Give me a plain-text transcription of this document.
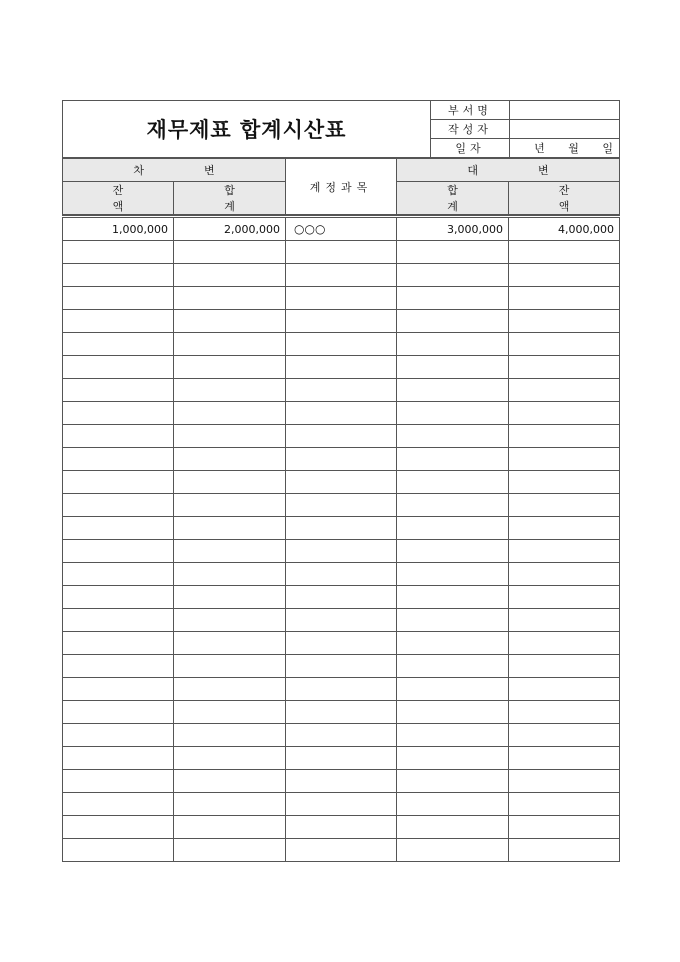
재무제표 합계시산표	부서명	
	작성자	
	일자	년 월 일
차변		계정과목	대변	
잔액	합계		합계	잔액
1,000,000	2,000,000	○○○	3,000,000	4,000,000
